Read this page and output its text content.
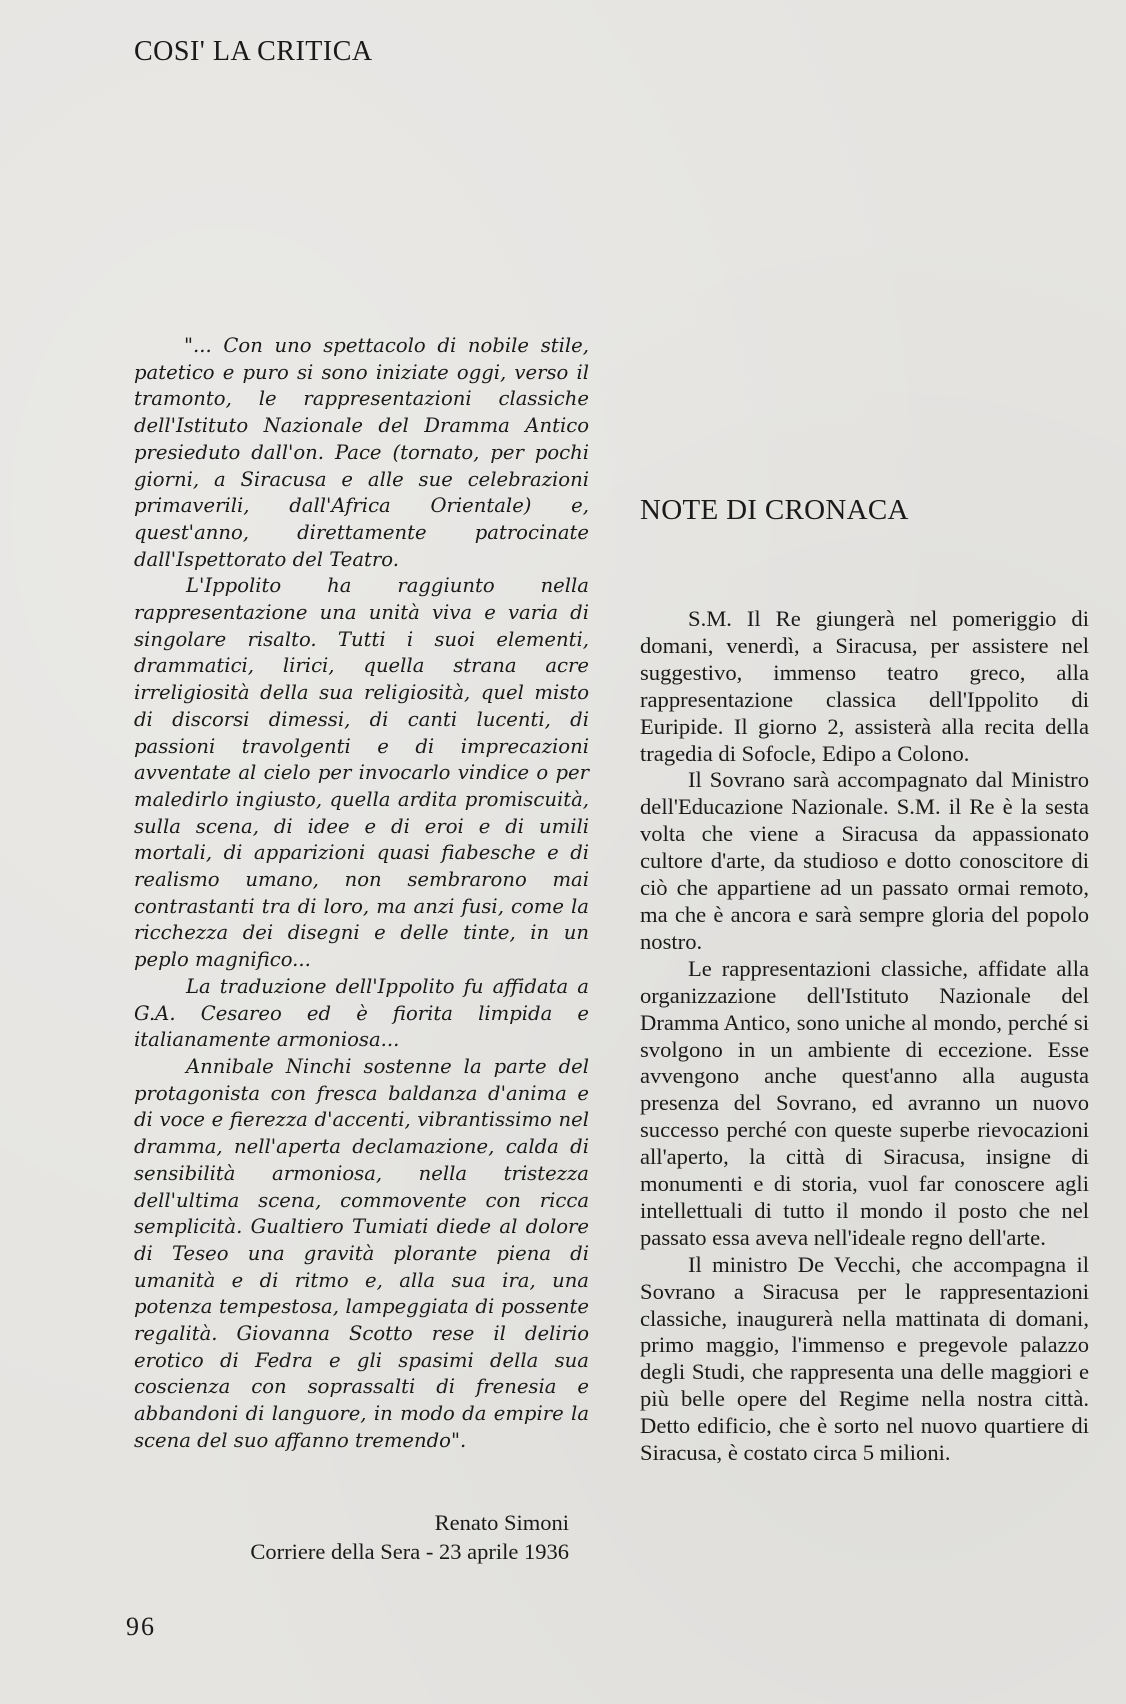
COSI' LA CRITICA

"... Con uno spettacolo di nobile stile, patetico e puro si sono iniziate oggi, verso il tramonto, le rappresentazioni classiche dell'Istituto Nazionale del Dramma Antico presieduto dall'on. Pace (tornato, per pochi giorni, a Siracusa e alle sue celebrazioni primaverili, dall'Africa Orientale) e, quest'anno, direttamente patrocinate dall'Ispettorato del Teatro.

L'Ippolito ha raggiunto nella rappresentazione una unità viva e varia di singolare risalto. Tutti i suoi elementi, drammatici, lirici, quella strana acre irreligiosità della sua religiosità, quel misto di discorsi dimessi, di canti lucenti, di passioni travolgenti e di imprecazioni avventate al cielo per invocarlo vindice o per maledirlo ingiusto, quella ardita promiscuità, sulla scena, di idee e di eroi e di umili mortali, di apparizioni quasi fiabesche e di realismo umano, non sembrarono mai contrastanti tra di loro, ma anzi fusi, come la ricchezza dei disegni e delle tinte, in un peplo magnifico...

La traduzione dell'Ippolito fu affidata a G.A. Cesareo ed è fiorita limpida e italianamente armoniosa...

Annibale Ninchi sostenne la parte del protagonista con fresca baldanza d'anima e di voce e fierezza d'accenti, vibrantissimo nel dramma, nell'aperta declamazione, calda di sensibilità armoniosa, nella tristezza dell'ultima scena, commovente con ricca semplicità. Gualtiero Tumiati diede al dolore di Teseo una gravità plorante piena di umanità e di ritmo e, alla sua ira, una potenza tempestosa, lampeggiata di possente regalità. Giovanna Scotto rese il delirio erotico di Fedra e gli spasimi della sua coscienza con soprassalti di frenesia e abbandoni di languore, in modo da empire la scena del suo affanno tremendo".

Renato Simoni
Corriere della Sera - 23 aprile 1936
96
NOTE DI CRONACA

S.M. Il Re giungerà nel pomeriggio di domani, venerdì, a Siracusa, per assistere nel suggestivo, immenso teatro greco, alla rappresentazione classica dell'Ippolito di Euripide. Il giorno 2, assisterà alla recita della tragedia di Sofocle, Edipo a Colono.

Il Sovrano sarà accompagnato dal Ministro dell'Educazione Nazionale. S.M. il Re è la sesta volta che viene a Siracusa da appassionato cultore d'arte, da studioso e dotto conoscitore di ciò che appartiene ad un passato ormai remoto, ma che è ancora e sarà sempre gloria del popolo nostro.

Le rappresentazioni classiche, affidate alla organizzazione dell'Istituto Nazionale del Dramma Antico, sono uniche al mondo, perché si svolgono in un ambiente di eccezione. Esse avvengono anche quest'anno alla augusta presenza del Sovrano, ed avranno un nuovo successo perché con queste superbe rievocazioni all'aperto, la città di Siracusa, insigne di monumenti e di storia, vuol far conoscere agli intellettuali di tutto il mondo il posto che nel passato essa aveva nell'ideale regno dell'arte.

Il ministro De Vecchi, che accompagna il Sovrano a Siracusa per le rappresentazioni classiche, inaugurerà nella mattinata di domani, primo maggio, l'immenso e pregevole palazzo degli Studi, che rappresenta una delle maggiori e più belle opere del Regime nella nostra città. Detto edificio, che è sorto nel nuovo quartiere di Siracusa, è costato circa 5 milioni.
